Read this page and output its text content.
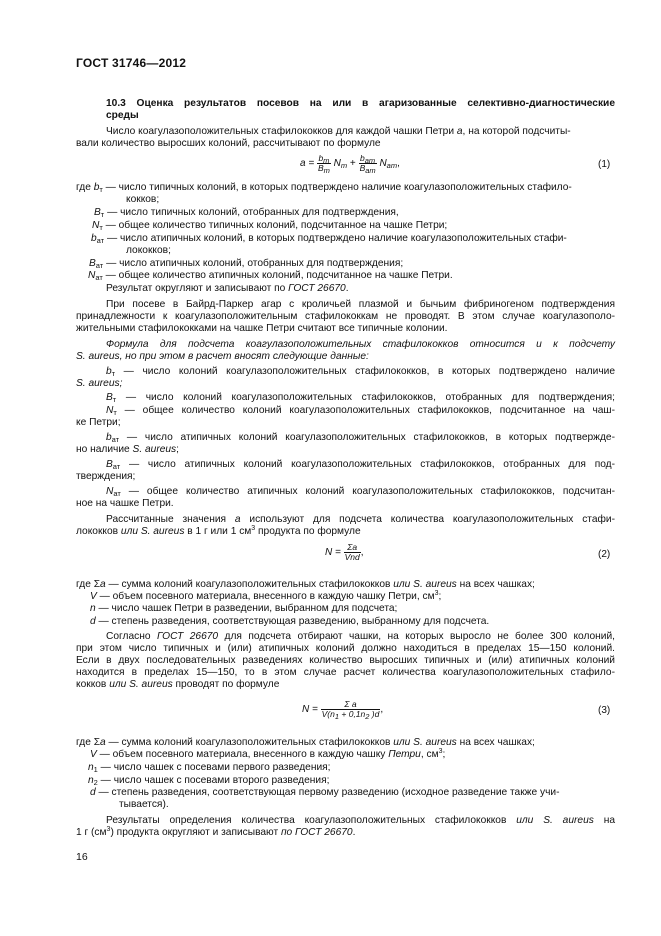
ГОСТ 31746—2012
10.3 Оценка результатов посевов на или в агаризованные селективно-диагностические
среды
Число коагулазоположительных стафилококков для каждой чашки Петри a, на которой подсчиты-
вали количество выросших колоний, рассчитывают по формуле
$a = \frac{b_т}{B_т} N_т + \frac{b_{ат}}{B_{ат}} N_{ат}$,	(1)
где $b_т$ — число типичных колоний, в которых подтверждено наличие коагулазоположительных стафило-
кокков;
$B_т$ — число типичных колоний, отобранных для подтверждения,
$N_т$ — общее количество типичных колоний, подсчитанное на чашке Петри;
$b_{ат}$ — число атипичных колоний, в которых подтверждено наличие коагулазоположительных стафи-
лококков;
$B_{ат}$ — число атипичных колоний, отобранных для подтверждения;
$N_{ат}$ — общее количество атипичных колоний, подсчитанное на чашке Петри.
Результат округляют и записывают по ГОСТ 26670.
При посеве в Байрд-Паркер агар с кроличьей плазмой и бычьим фибриногеном подтверждения
принадлежности к коагулазоположительным стафилококкам не проводят. В этом случае коагулазополо-
жительными стафилококками на чашке Петри считают все типичные колонии.
Формула для подсчета коагулазоположительных стафилококков относится и к подсчету
S. aureus, но при этом в расчет вносят следующие данные:
$b_т$ — число колоний коагулазоположительных стафилококков, в которых подтверждено наличие
S. aureus;
$B_т$ — число колоний коагулазоположительных стафилококков, отобранных для подтверждения;
$N_т$ — общее количество колоний коагулазоположительных стафилококков, подсчитанное на чаш-
ке Петри;
$b_{ат}$ — число атипичных колоний коагулазоположительных стафилококков, в которых подтвержде-
но наличие S. aureus;
$B_{ат}$ — число атипичных колоний коагулазоположительных стафилококков, отобранных для под-
тверждения;
$N_{ат}$ — общее количество атипичных колоний коагулазоположительных стафилококков, подсчитан-
ное на чашке Петри.
Рассчитанные значения a используют для подсчета количества коагулазоположительных стафи-
лококков или S. aureus в 1 г или 1 $см^3$ продукта по формуле
$N = \frac{\Sigma a}{\text{Vnd}}$ ,	(2)
где Σa — сумма колоний коагулазоположительных стафилококков или S. aureus на всех чашках;
V — объем посевного материала, внесенного в каждую чашку Петри, $см^3$;
n — число чашек Петри в разведении, выбранном для подсчета;
d — степень разведения, соответствующая разведению, выбранному для подсчета.
Согласно ГОСТ 26670 для подсчета отбирают чашки, на которых выросло не более 300 колоний,
при этом число типичных и (или) атипичных колоний должно находиться в пределах 15—150 колоний.
Если в двух последовательных разведениях количество выросших типичных и (или) атипичных колоний
находится в пределах 15—150, то в этом случае расчет количества коагулазоположительных стафило-
кокков или S. aureus проводят по формуле
$N = \frac{\text{Σ a}}{V(n_1 + 0,1n_2 )d}$ ,	(3)
где Σa — сумма колоний коагулазоположительных стафилококков или S. aureus на всех чашках;
V — объем посевного материала, внесенного в каждую чашку Петри, $см^3$;
$n_1$ — число чашек с посевами первого разведения;
$n_2$ — число чашек с посевами второго разведения;
d — степень разведения, соответствующая первому разведению (исходное разведение также учи-
тывается).
Результаты определения количества коагулазоположительных стафилококков или S. aureus на
1 г $(см^3)$ продукта округляют и записывают по ГОСТ 26670.
16
